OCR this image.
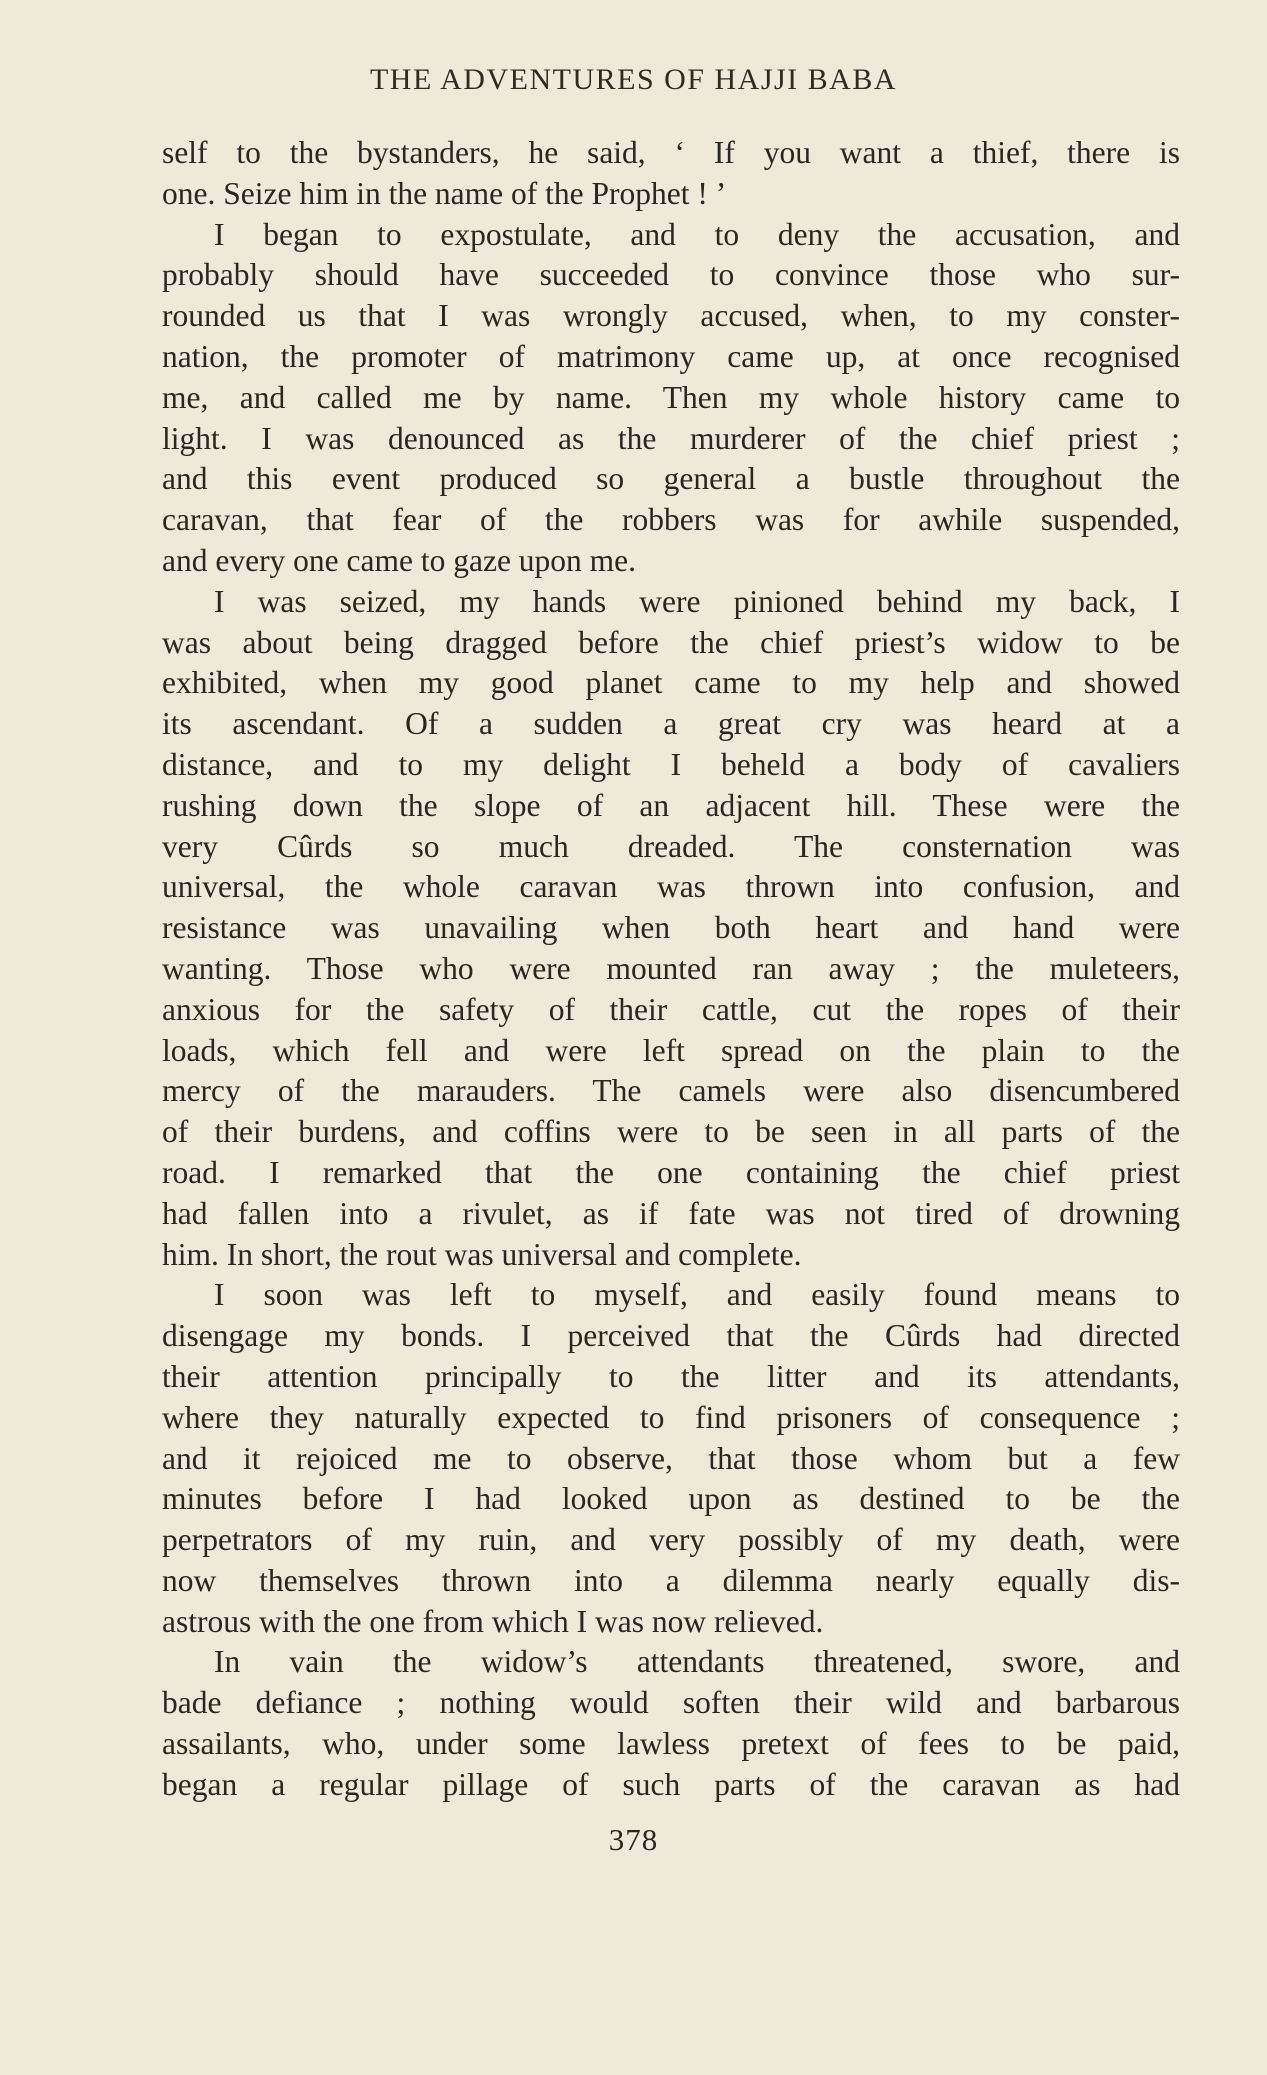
THE ADVENTURES OF HAJJI BABA
self to the bystanders, he said, ‘ If you want a thief, there is
one. Seize him in the name of the Prophet ! ’
I began to expostulate, and to deny the accusation, and
probably should have succeeded to convince those who sur-
rounded us that I was wrongly accused, when, to my conster-
nation, the promoter of matrimony came up, at once recognised
me, and called me by name. Then my whole history came to
light. I was denounced as the murderer of the chief priest ;
and this event produced so general a bustle throughout the
caravan, that fear of the robbers was for awhile suspended,
and every one came to gaze upon me.
I was seized, my hands were pinioned behind my back, I
was about being dragged before the chief priest’s widow to be
exhibited, when my good planet came to my help and showed
its ascendant. Of a sudden a great cry was heard at a
distance, and to my delight I beheld a body of cavaliers
rushing down the slope of an adjacent hill. These were the
very Cûrds so much dreaded. The consternation was
universal, the whole caravan was thrown into confusion, and
resistance was unavailing when both heart and hand were
wanting. Those who were mounted ran away ; the muleteers,
anxious for the safety of their cattle, cut the ropes of their
loads, which fell and were left spread on the plain to the
mercy of the marauders. The camels were also disencumbered
of their burdens, and coffins were to be seen in all parts of the
road. I remarked that the one containing the chief priest
had fallen into a rivulet, as if fate was not tired of drowning
him. In short, the rout was universal and complete.
I soon was left to myself, and easily found means to
disengage my bonds. I perceived that the Cûrds had directed
their attention principally to the litter and its attendants,
where they naturally expected to find prisoners of consequence ;
and it rejoiced me to observe, that those whom but a few
minutes before I had looked upon as destined to be the
perpetrators of my ruin, and very possibly of my death, were
now themselves thrown into a dilemma nearly equally dis-
astrous with the one from which I was now relieved.
In vain the widow’s attendants threatened, swore, and
bade defiance ; nothing would soften their wild and barbarous
assailants, who, under some lawless pretext of fees to be paid,
began a regular pillage of such parts of the caravan as had
378
